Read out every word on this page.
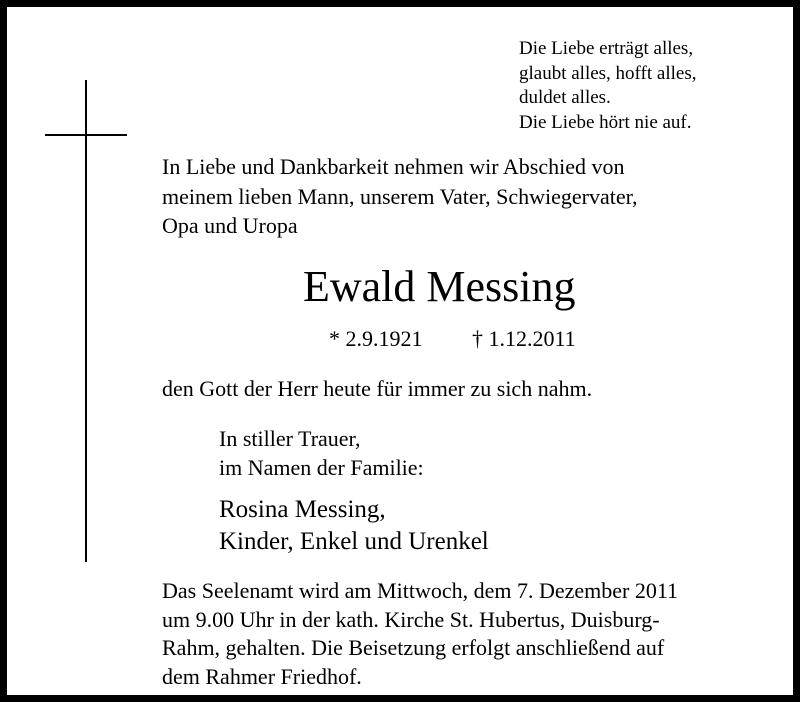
Die Liebe erträgt alles,
glaubt alles, hofft alles,
duldet alles.
Die Liebe hört nie auf.
In Liebe und Dankbarkeit nehmen wir Abschied von
meinem lieben Mann, unserem Vater, Schwiegervater,
Opa und Uropa
Ewald Messing
* 2.9.1921 † 1.12.2011
den Gott der Herr heute für immer zu sich nahm.
In stiller Trauer,
im Namen der Familie:
Rosina Messing,
Kinder, Enkel und Urenkel
Das Seelenamt wird am Mittwoch, dem 7. Dezember 2011
um 9.00 Uhr in der kath. Kirche St. Hubertus, Duisburg-
Rahm, gehalten. Die Beisetzung erfolgt anschließend auf
dem Rahmer Friedhof.
